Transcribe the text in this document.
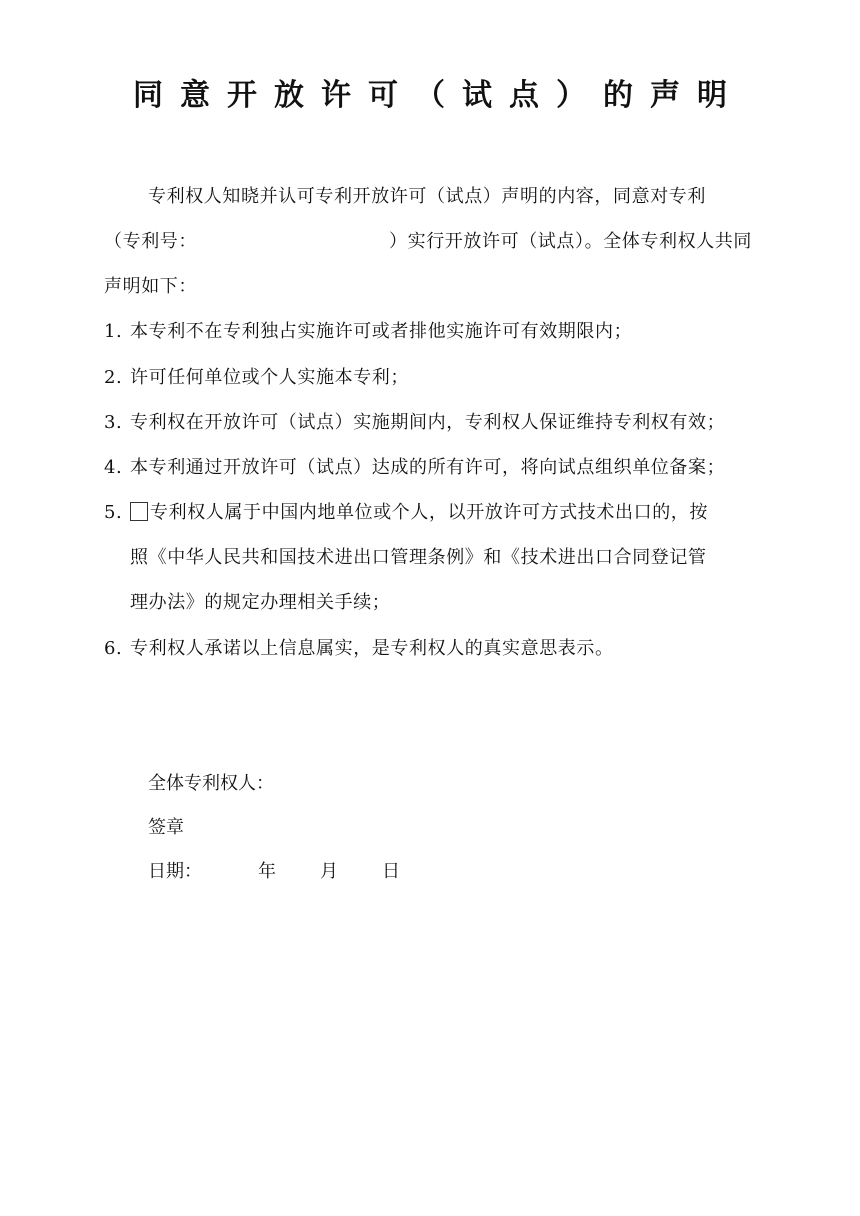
同 意 开 放 许 可 （ 试 点 ） 的 声 明
专利权人知晓并认可专利开放许可（试点）声明的内容，同意对专利
（专利号：	）实行开放许可（试点）。全体专利权人共同
声明如下：
1. 本专利不在专利独占实施许可或者排他实施许可有效期限内；
2. 许可任何单位或个人实施本专利；
3. 专利权在开放许可（试点）实施期间内，专利权人保证维持专利权有效；
4. 本专利通过开放许可（试点）达成的所有许可，将向试点组织单位备案；
5. 专利权人属于中国内地单位或个人，以开放许可方式技术出口的，按
照《中华人民共和国技术进出口管理条例》和《技术进出口合同登记管
理办法》的规定办理相关手续；
6. 专利权人承诺以上信息属实，是专利权人的真实意思表示。
全体专利权人：
签章
日期：	年 月 日
